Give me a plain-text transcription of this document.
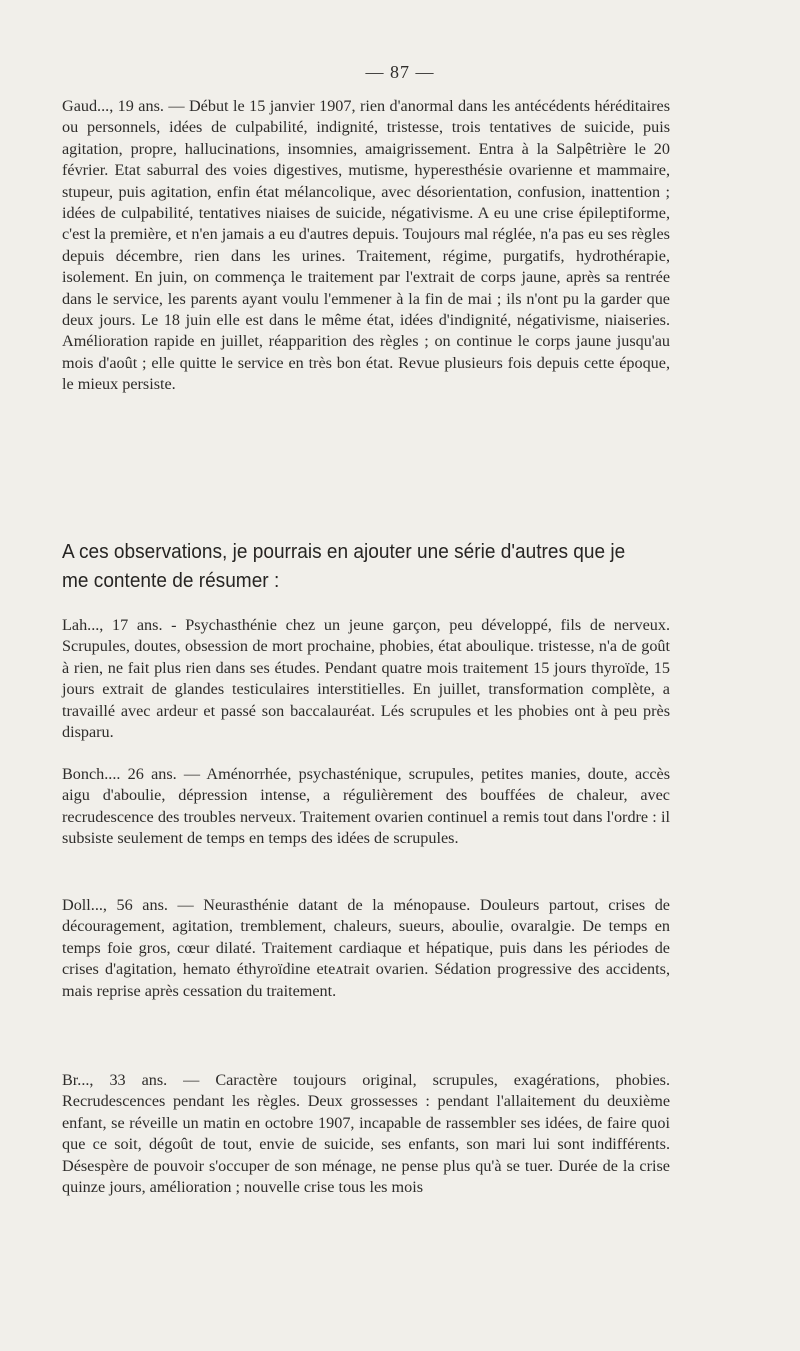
— 87 —

Gaud..., 19 ans. — Début le 15 janvier 1907, rien d'anormal dans les antécédents héréditaires ou personnels, idées de culpabilité, indignité, tristesse, trois tentatives de suicide, puis agitation, propre, hallucinations, insomnies, amaigrissement. Entra à la Salpêtrière le 20 février. Etat saburral des voies digestives, mutisme, hyperesthésie ovarienne et mammaire, stupeur, puis agitation, enfin état mélancolique, avec désorientation, confusion, inattention ; idées de culpabilité, tentatives niaises de suicide, négativisme. A eu une crise épileptiforme, c'est la première, et n'en jamais a eu d'autres depuis. Toujours mal réglée, n'a pas eu ses règles depuis décembre, rien dans les urines. Traitement, régime, purgatifs, hydrothérapie, isolement. En juin, on commença le traitement par l'extrait de corps jaune, après sa rentrée dans le service, les parents ayant voulu l'emmener à la fin de mai ; ils n'ont pu la garder que deux jours. Le 18 juin elle est dans le même état, idées d'indignité, négativisme, niaiseries. Amélioration rapide en juillet, réapparition des règles ; on continue le corps jaune jusqu'au mois d'août ; elle quitte le service en très bon état. Revue plusieurs fois depuis cette époque, le mieux persiste.

A ces observations, je pourrais en ajouter une série d'autres que je me contente de résumer :

Lah..., 17 ans. - Psychasthénie chez un jeune garçon, peu développé, fils de nerveux. Scrupules, doutes, obsession de mort prochaine, phobies, état aboulique. tristesse, n'a de goût à rien, ne fait plus rien dans ses études. Pendant quatre mois traitement 15 jours thyroïde, 15 jours extrait de glandes testiculaires interstitielles. En juillet, transformation complète, a travaillé avec ardeur et passé son baccalauréat. Lés scrupules et les phobies ont à peu près disparu.

Bonch.... 26 ans. — Aménorrhée, psychasténique, scrupules, petites manies, doute, accès aigu d'aboulie, dépression intense, a régulièrement des bouffées de chaleur, avec recrudescence des troubles nerveux. Traitement ovarien continuel a remis tout dans l'ordre : il subsiste seulement de temps en temps des idées de scrupules.

Doll..., 56 ans. — Neurasthénie datant de la ménopause. Douleurs partout, crises de découragement, agitation, tremblement, chaleurs, sueurs, aboulie, ovaralgie. De temps en temps foie gros, cœur dilaté. Traitement cardiaque et hépatique, puis dans les périodes de crises d'agitation, hemato éthyroïdine eteᴀtrait ovarien. Sédation progressive des accidents, mais reprise après cessation du traitement.

Br..., 33 ans. — Caractère toujours original, scrupules, exagérations, phobies. Recrudescences pendant les règles. Deux grossesses : pendant l'allaitement du deuxième enfant, se réveille un matin en octobre 1907, incapable de rassembler ses idées, de faire quoi que ce soit, dégoût de tout, envie de suicide, ses enfants, son mari lui sont indifférents. Désespère de pouvoir s'occuper de son ménage, ne pense plus qu'à se tuer. Durée de la crise quinze jours, amélioration ; nouvelle crise tous les mois
